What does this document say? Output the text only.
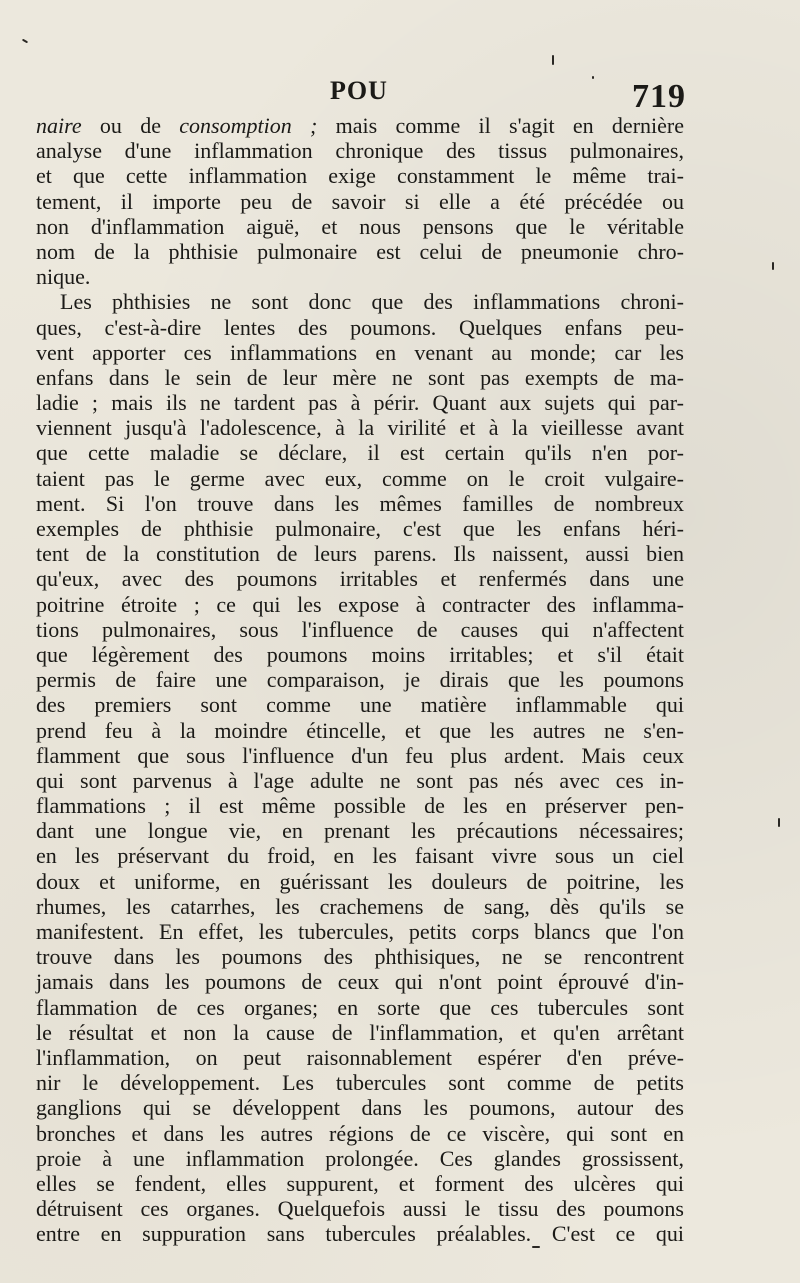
POU	719
naire ou de consomption ; mais comme il s'agit en dernière
analyse d'une inflammation chronique des tissus pulmonaires,
et que cette inflammation exige constamment le même trai-
tement, il importe peu de savoir si elle a été précédée ou
non d'inflammation aiguë, et nous pensons que le véritable
nom de la phthisie pulmonaire est celui de pneumonie chro-
nique.
Les phthisies ne sont donc que des inflammations chroni-
ques, c'est-à-dire lentes des poumons. Quelques enfans peu-
vent apporter ces inflammations en venant au monde; car les
enfans dans le sein de leur mère ne sont pas exempts de ma-
ladie ; mais ils ne tardent pas à périr. Quant aux sujets qui par-
viennent jusqu'à l'adolescence, à la virilité et à la vieillesse avant
que cette maladie se déclare, il est certain qu'ils n'en por-
taient pas le germe avec eux, comme on le croit vulgaire-
ment. Si l'on trouve dans les mêmes familles de nombreux
exemples de phthisie pulmonaire, c'est que les enfans héri-
tent de la constitution de leurs parens. Ils naissent, aussi bien
qu'eux, avec des poumons irritables et renfermés dans une
poitrine étroite ; ce qui les expose à contracter des inflamma-
tions pulmonaires, sous l'influence de causes qui n'affectent
que légèrement des poumons moins irritables; et s'il était
permis de faire une comparaison, je dirais que les poumons
des premiers sont comme une matière inflammable qui
prend feu à la moindre étincelle, et que les autres ne s'en-
flamment que sous l'influence d'un feu plus ardent. Mais ceux
qui sont parvenus à l'age adulte ne sont pas nés avec ces in-
flammations ; il est même possible de les en préserver pen-
dant une longue vie, en prenant les précautions nécessaires;
en les préservant du froid, en les faisant vivre sous un ciel
doux et uniforme, en guérissant les douleurs de poitrine, les
rhumes, les catarrhes, les crachemens de sang, dès qu'ils se
manifestent. En effet, les tubercules, petits corps blancs que l'on
trouve dans les poumons des phthisiques, ne se rencontrent
jamais dans les poumons de ceux qui n'ont point éprouvé d'in-
flammation de ces organes; en sorte que ces tubercules sont
le résultat et non la cause de l'inflammation, et qu'en arrêtant
l'inflammation, on peut raisonnablement espérer d'en préve-
nir le développement. Les tubercules sont comme de petits
ganglions qui se développent dans les poumons, autour des
bronches et dans les autres régions de ce viscère, qui sont en
proie à une inflammation prolongée. Ces glandes grossissent,
elles se fendent, elles suppurent, et forment des ulcères qui
détruisent ces organes. Quelquefois aussi le tissu des poumons
entre en suppuration sans tubercules préalables. C'est ce qui
